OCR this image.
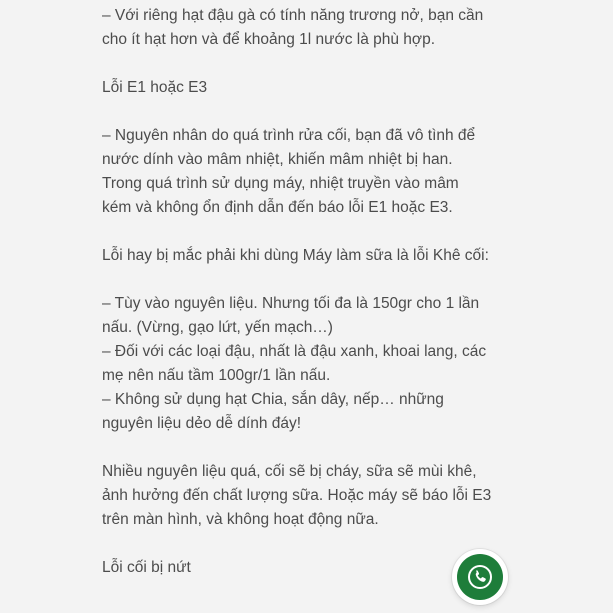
– Với riêng hạt đậu gà có tính năng trương nở, bạn cần
cho ít hạt hơn và để khoảng 1l nước là phù hợp.

Lỗi E1 hoặc E3

– Nguyên nhân do quá trình rửa cối, bạn đã vô tình để
nước dính vào mâm nhiệt, khiến mâm nhiệt bị han.
Trong quá trình sử dụng máy, nhiệt truyền vào mâm
kém và không ổn định dẫn đến báo lỗi E1 hoặc E3.

Lỗi hay bị mắc phải khi dùng Máy làm sữa là lỗi Khê cối:

– Tùy vào nguyên liệu. Nhưng tối đa là 150gr cho 1 lần
nấu. (Vừng, gạo lứt, yến mạch…)
– Đối với các loại đậu, nhất là đậu xanh, khoai lang, các
mẹ nên nấu tầm 100gr/1 lần nấu.
– Không sử dụng hạt Chia, sắn dây, nếp… những
nguyên liệu dẻo dễ dính đáy!

Nhiều nguyên liệu quá, cối sẽ bị cháy, sữa sẽ mùi khê,
ảnh hưởng đến chất lượng sữa. Hoặc máy sẽ báo lỗi E3
trên màn hình, và không hoạt động nữa.

Lỗi cối bị nứt
